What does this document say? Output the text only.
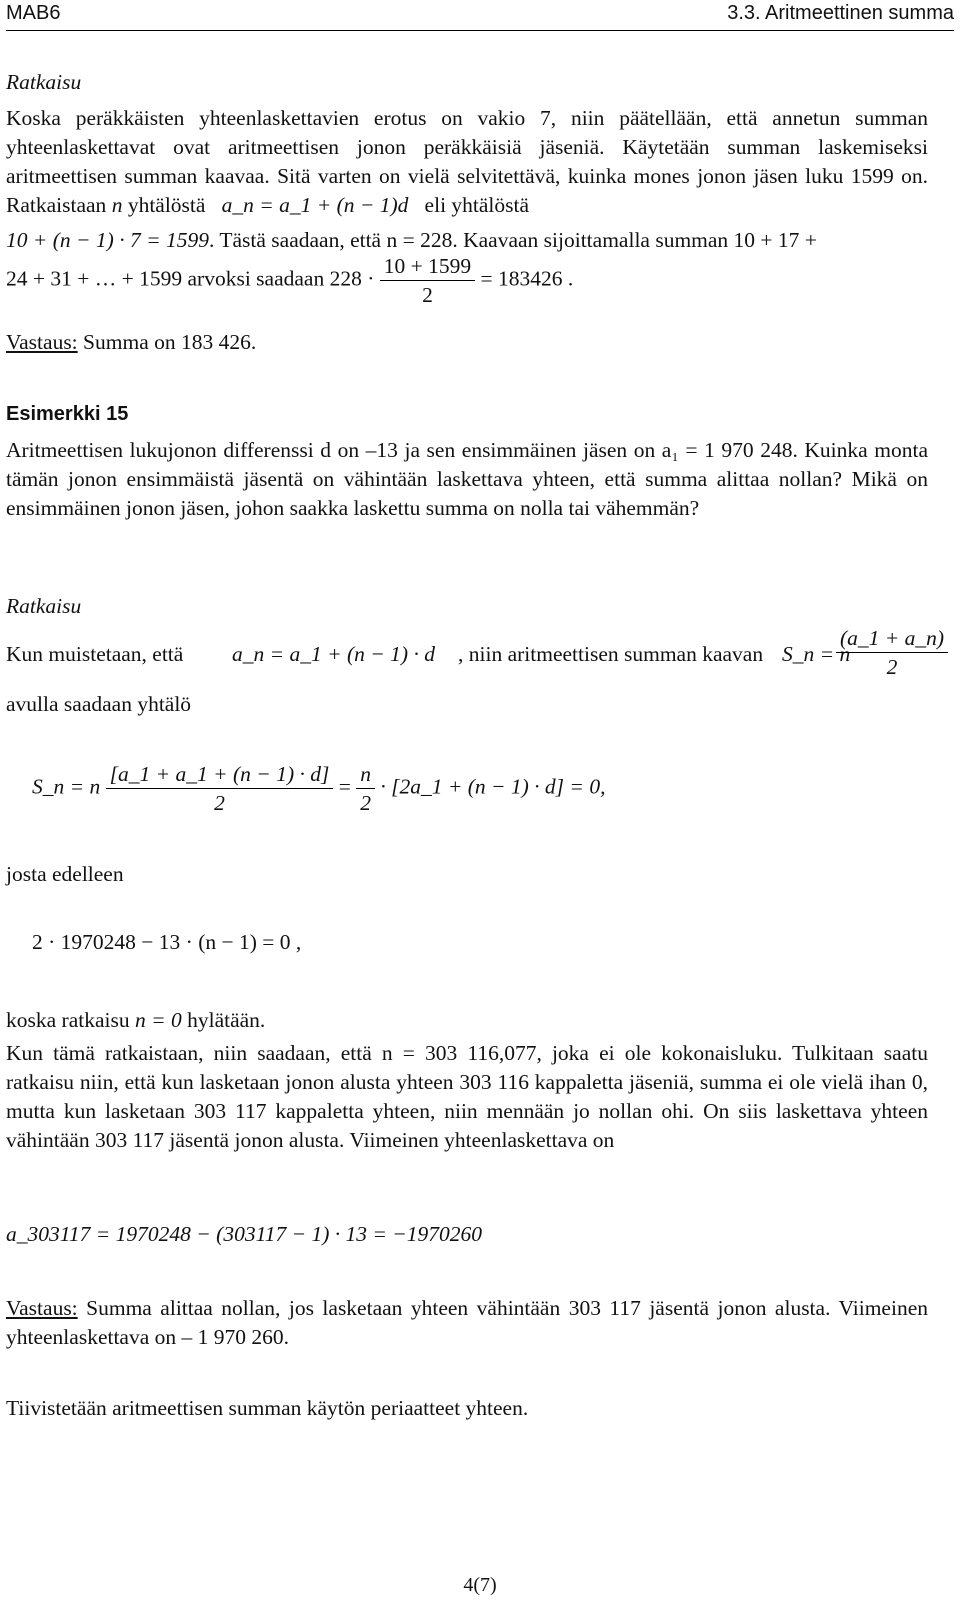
MAB6	3.3. Aritmeettinen summa
Ratkaisu
Koska peräkkäisten yhteenlaskettavien erotus on vakio 7, niin päätellään, että annetun summan yhteenlaskettavat ovat aritmeettisen jonon peräkkäisiä jäseniä. Käytetään summan laskemiseksi aritmeettisen summan kaavaa. Sitä varten on vielä selvitettävä, kuinka mones jonon jäsen luku 1599 on. Ratkaistaan n yhtälöstä a_n = a_1 + (n − 1)d eli yhtälöstä
10 + (n − 1) · 7 = 1599. Tästä saadaan, että n = 228. Kaavaan sijoittamalla summan 10 + 17 +
24 + 31 + … + 1599 arvoksi saadaan $228 \cdot \frac{10 + 1599}{2} = 183426$ .
Vastaus: Summa on 183 426.
Esimerkki 15
Aritmeettisen lukujonon differenssi d on –13 ja sen ensimmäinen jäsen on a₁ = 1 970 248. Kuinka monta tämän jonon ensimmäistä jäsentä on vähintään laskettava yhteen, että summa alittaa nollan? Mikä on ensimmäinen jonon jäsen, johon saakka laskettu summa on nolla tai vähemmän?
Ratkaisu
Kun muistetaan, että a_n = a_1 + (n − 1) · d , niin aritmeettisen summan kaavan S_n = n
$\frac{(a\_1 + a\_n)}{2}$
avulla saadaan yhtälö
S_n = n $\frac{[a\_1 + a\_1 + (n - 1) \cdot d]}{2} = \frac{n}{2}$ · [2a_1 + (n − 1) · d] = 0,
josta edelleen
2 · 1970248 − 13 · (n − 1) = 0 ,
koska ratkaisu n = 0 hylätään.
Kun tämä ratkaistaan, niin saadaan, että n = 303 116,077, joka ei ole kokonaisluku. Tulkitaan saatu ratkaisu niin, että kun lasketaan jonon alusta yhteen 303 116 kappaletta jäseniä, summa ei ole vielä ihan 0, mutta kun lasketaan 303 117 kappaletta yhteen, niin mennään jo nollan ohi. On siis laskettava yhteen vähintään 303 117 jäsentä jonon alusta. Viimeinen yhteenlaskettava on
a_303117 = 1970248 − (303117 − 1) · 13 = −1970260
Vastaus: Summa alittaa nollan, jos lasketaan yhteen vähintään 303 117 jäsentä jonon alusta. Viimeinen yhteenlaskettava on – 1 970 260.
Tiivistetään aritmeettisen summan käytön periaatteet yhteen.
4(7)
